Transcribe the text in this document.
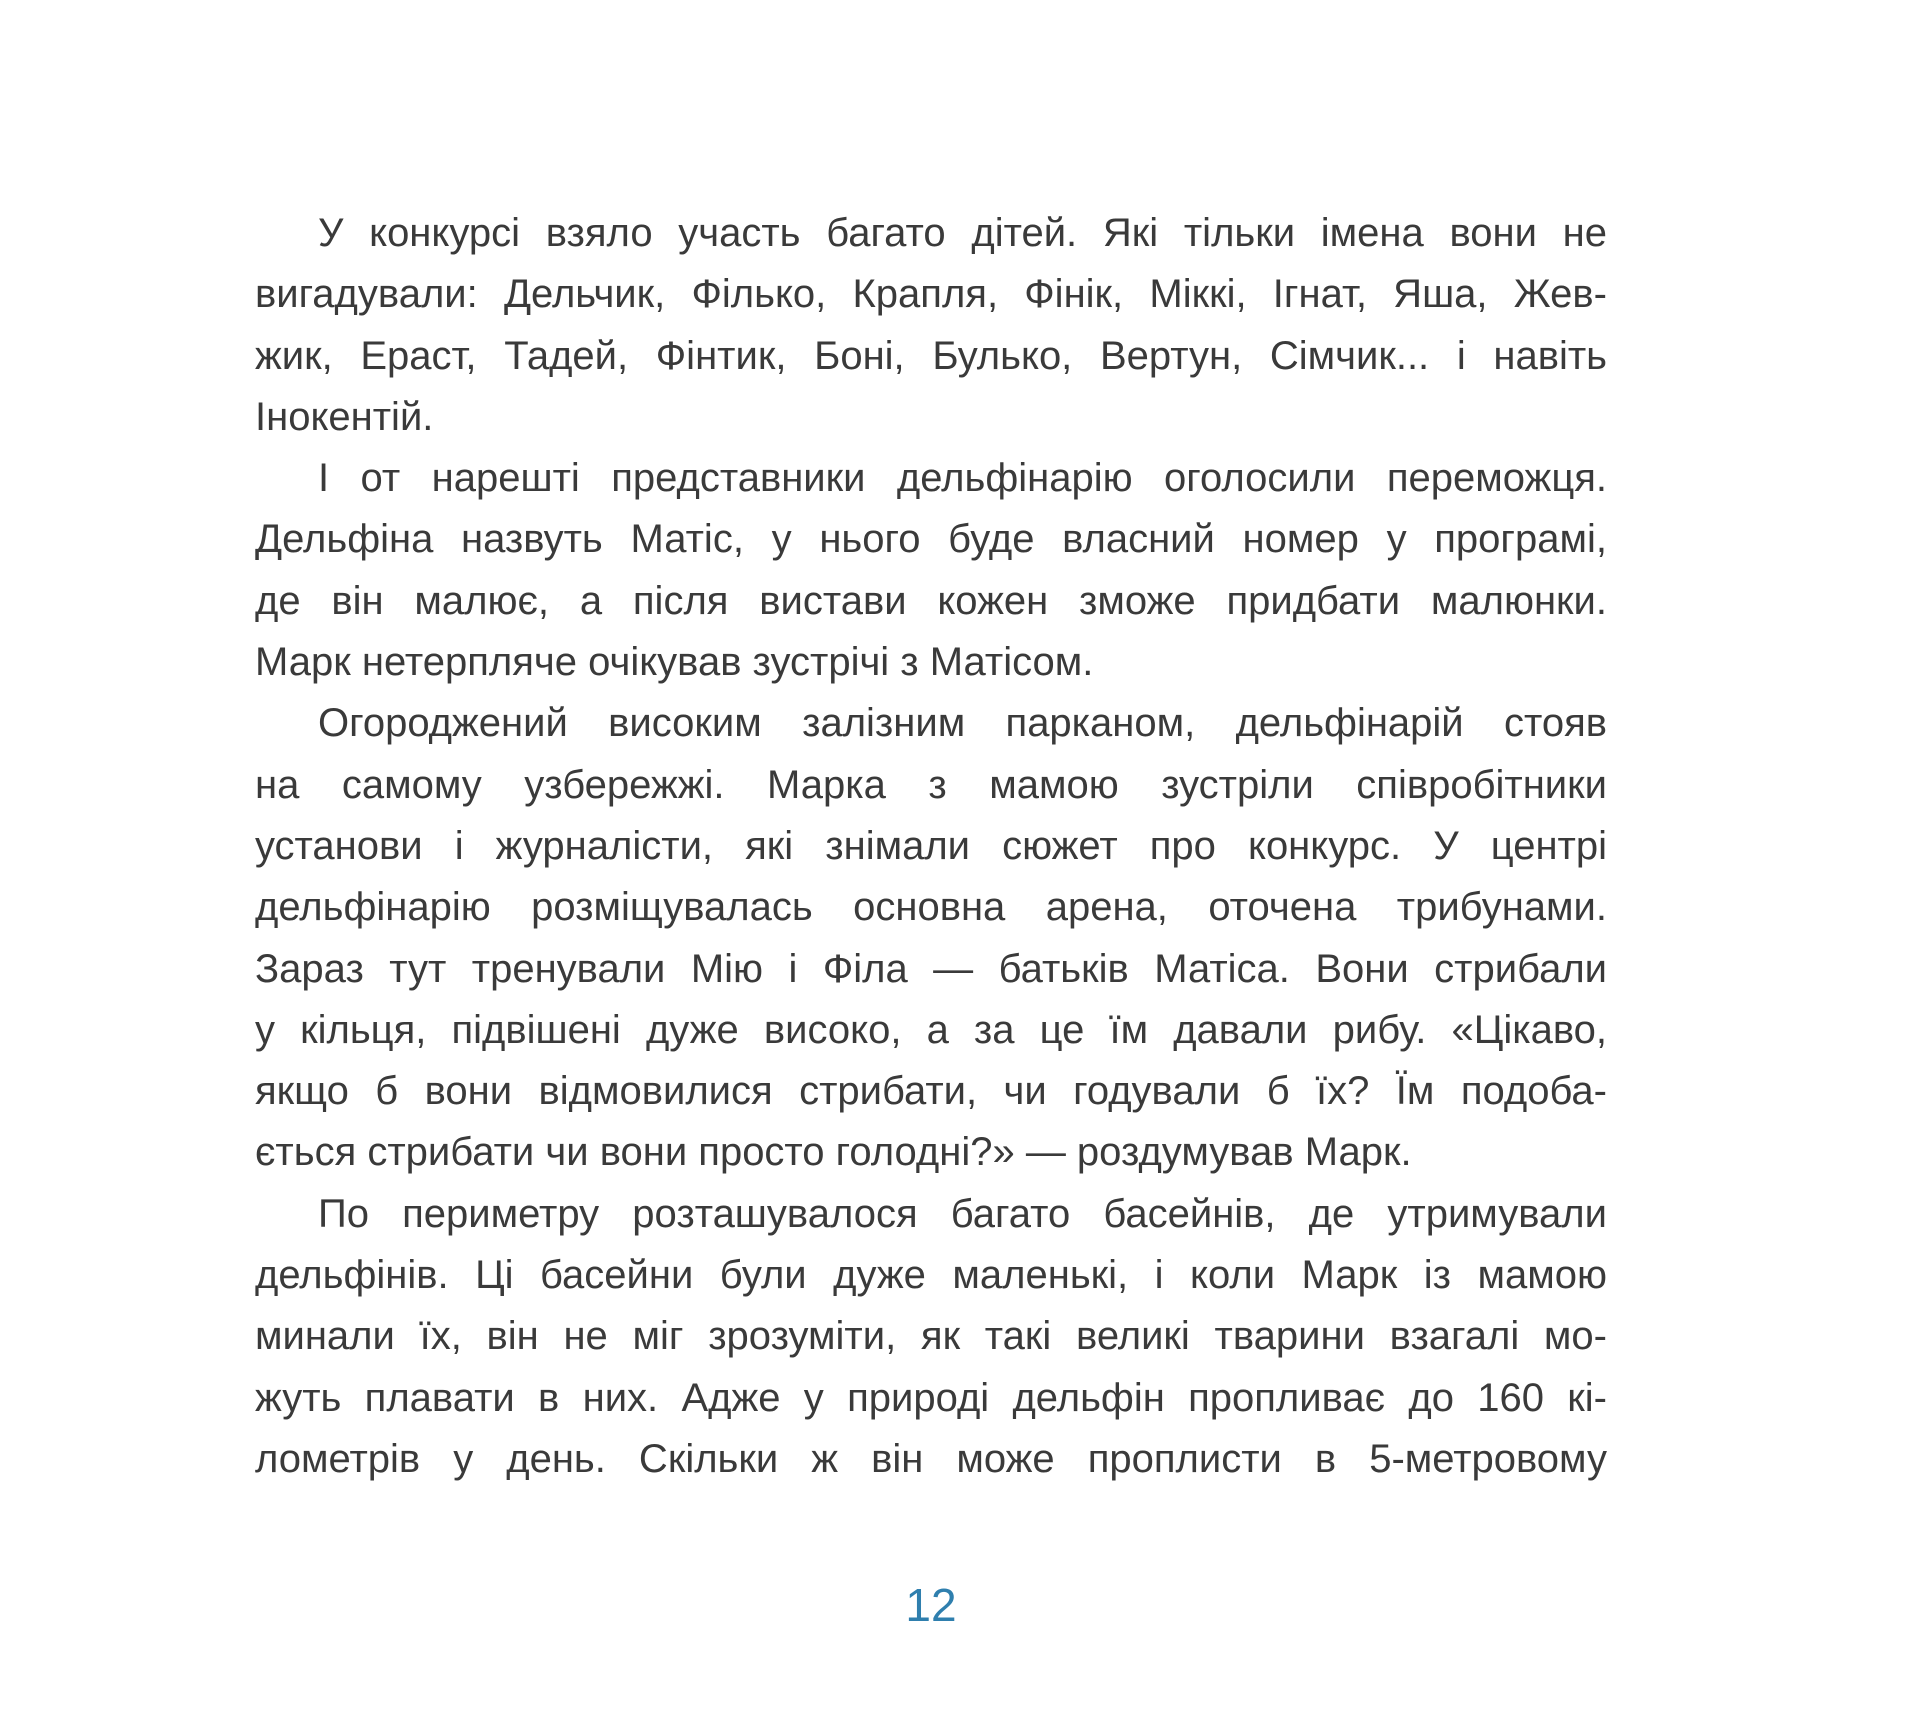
У конкурсі взяло участь багато дітей. Які тільки імена вони не
вигадували: Дельчик, Філько, Крапля, Фінік, Міккі, Ігнат, Яша, Жев-
жик, Ераст, Тадей, Фінтик, Боні, Булько, Вертун, Сімчик... і навіть
Інокентій.
І от нарешті представники дельфінарію оголосили переможця.
Дельфіна назвуть Матіс, у нього буде власний номер у програмі,
де він малює, а після вистави кожен зможе придбати малюнки.
Марк нетерпляче очікував зустрічі з Матісом.
Огороджений високим залізним парканом, дельфінарій стояв
на самому узбережжі. Марка з мамою зустріли співробітники
установи і журналісти, які знімали сюжет про конкурс. У центрі
дельфінарію розміщувалась основна арена, оточена трибунами.
Зараз тут тренували Мію і Філа — батьків Матіса. Вони стрибали
у кільця, підвішені дуже високо, а за це їм давали рибу. «Цікаво,
якщо б вони відмовилися стрибати, чи годували б їх? Їм подоба-
ється стрибати чи вони просто голодні?» — роздумував Марк.
По периметру розташувалося багато басейнів, де утримували
дельфінів. Ці басейни були дуже маленькі, і коли Марк із мамою
минали їх, він не міг зрозуміти, як такі великі тварини взагалі мо-
жуть плавати в них. Адже у природі дельфін пропливає до 160 кі-
лометрів у день. Скільки ж він може проплисти в 5-метровому
12
